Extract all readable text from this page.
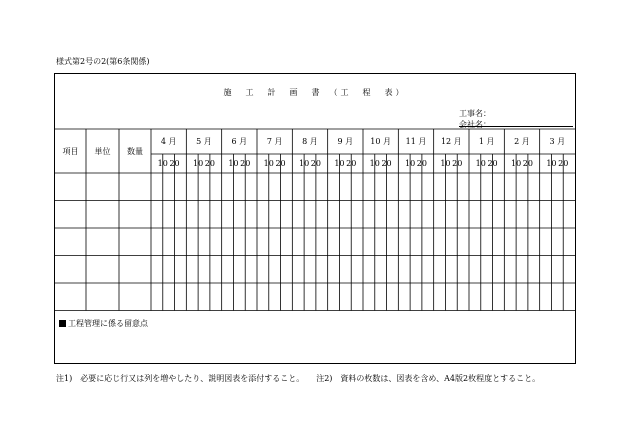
様式第2号の2(第6条関係)
施　工　計　画　書　（工　程　表）
工事名：
会社名：
4 月
10 20
5 月
10 20
6 月
10 20
7 月
10 20
8 月
10 20
9 月
10 20
10 月
10 20
11 月
10 20
12 月
10 20
1 月
10 20
2 月
10 20
3 月
10 20
項目 単位 数量
工程管理に係る留意点
注1)　必要に応じ行又は列を増やしたり、説明図表を添付すること。 注2)　資料の枚数は、図表を含め、A4版2枚程度とすること。
